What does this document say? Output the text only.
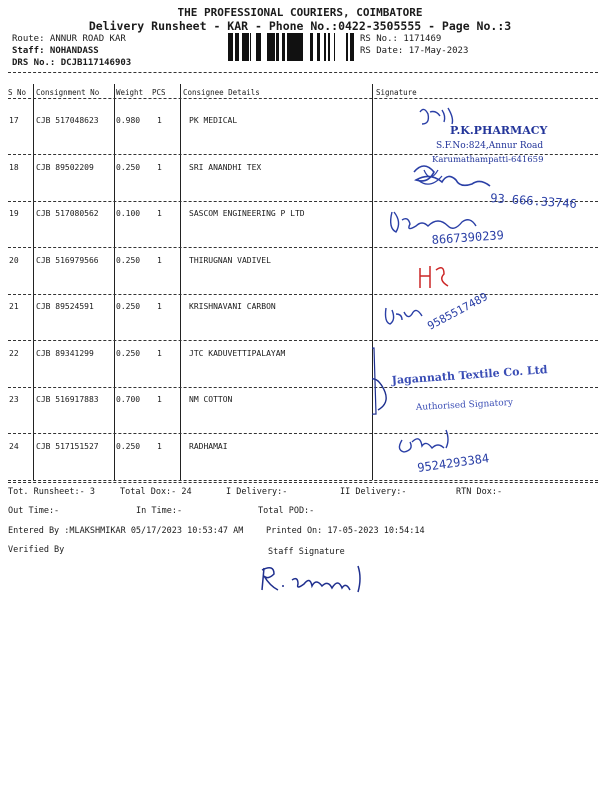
THE PROFESSIONAL COURIERS, COIMBATORE
Delivery Runsheet - KAR - Phone No.:0422-3505555 - Page No.:3
Route: ANNUR ROAD KAR
Staff: NOHANDASS
DRS No.: DCJB117146903
RS No.: 1171469
RS Date: 17-May-2023
S No Consignment No Weight PCS Consignee Details	Signature
17 CJB 517048623 0.980 1	PK MEDICAL
18 CJB 89502209	0.250 1	SRI ANANDHI TEX
19 CJB 517080562 0.100 1	SASCOM ENGINEERING P LTD
20 CJB 516979566 0.250 1	THIRUGNAN VADIVEL
21 CJB 89524591	0.250 1	KRISHNAVANI CARBON
22 CJB 89341299	0.250 1	JTC KADUVETTIPALAYAM
23 CJB 516917883 0.700 1	NM COTTON
24 CJB 517151527 0.250 1	RADHAMAI
P.K.PHARMACY
S.F.No:824,Annur Road
Karumathampatti-641659
93 666.33746
8667390239
9585517489
Jagannath Textile Co. Ltd
Authorised Signatory
9524293384
Tot. Runsheet:- 3	Total Dox:- 24	I Delivery:-	II Delivery:-	RTN Dox:-
Out Time:-	In Time:-	Total POD:-
Entered By :MLAKSHMIKAR 05/17/2023 10:53:47 AM	Printed On: 17-05-2023 10:54:14
Verified By	Staff Signature
